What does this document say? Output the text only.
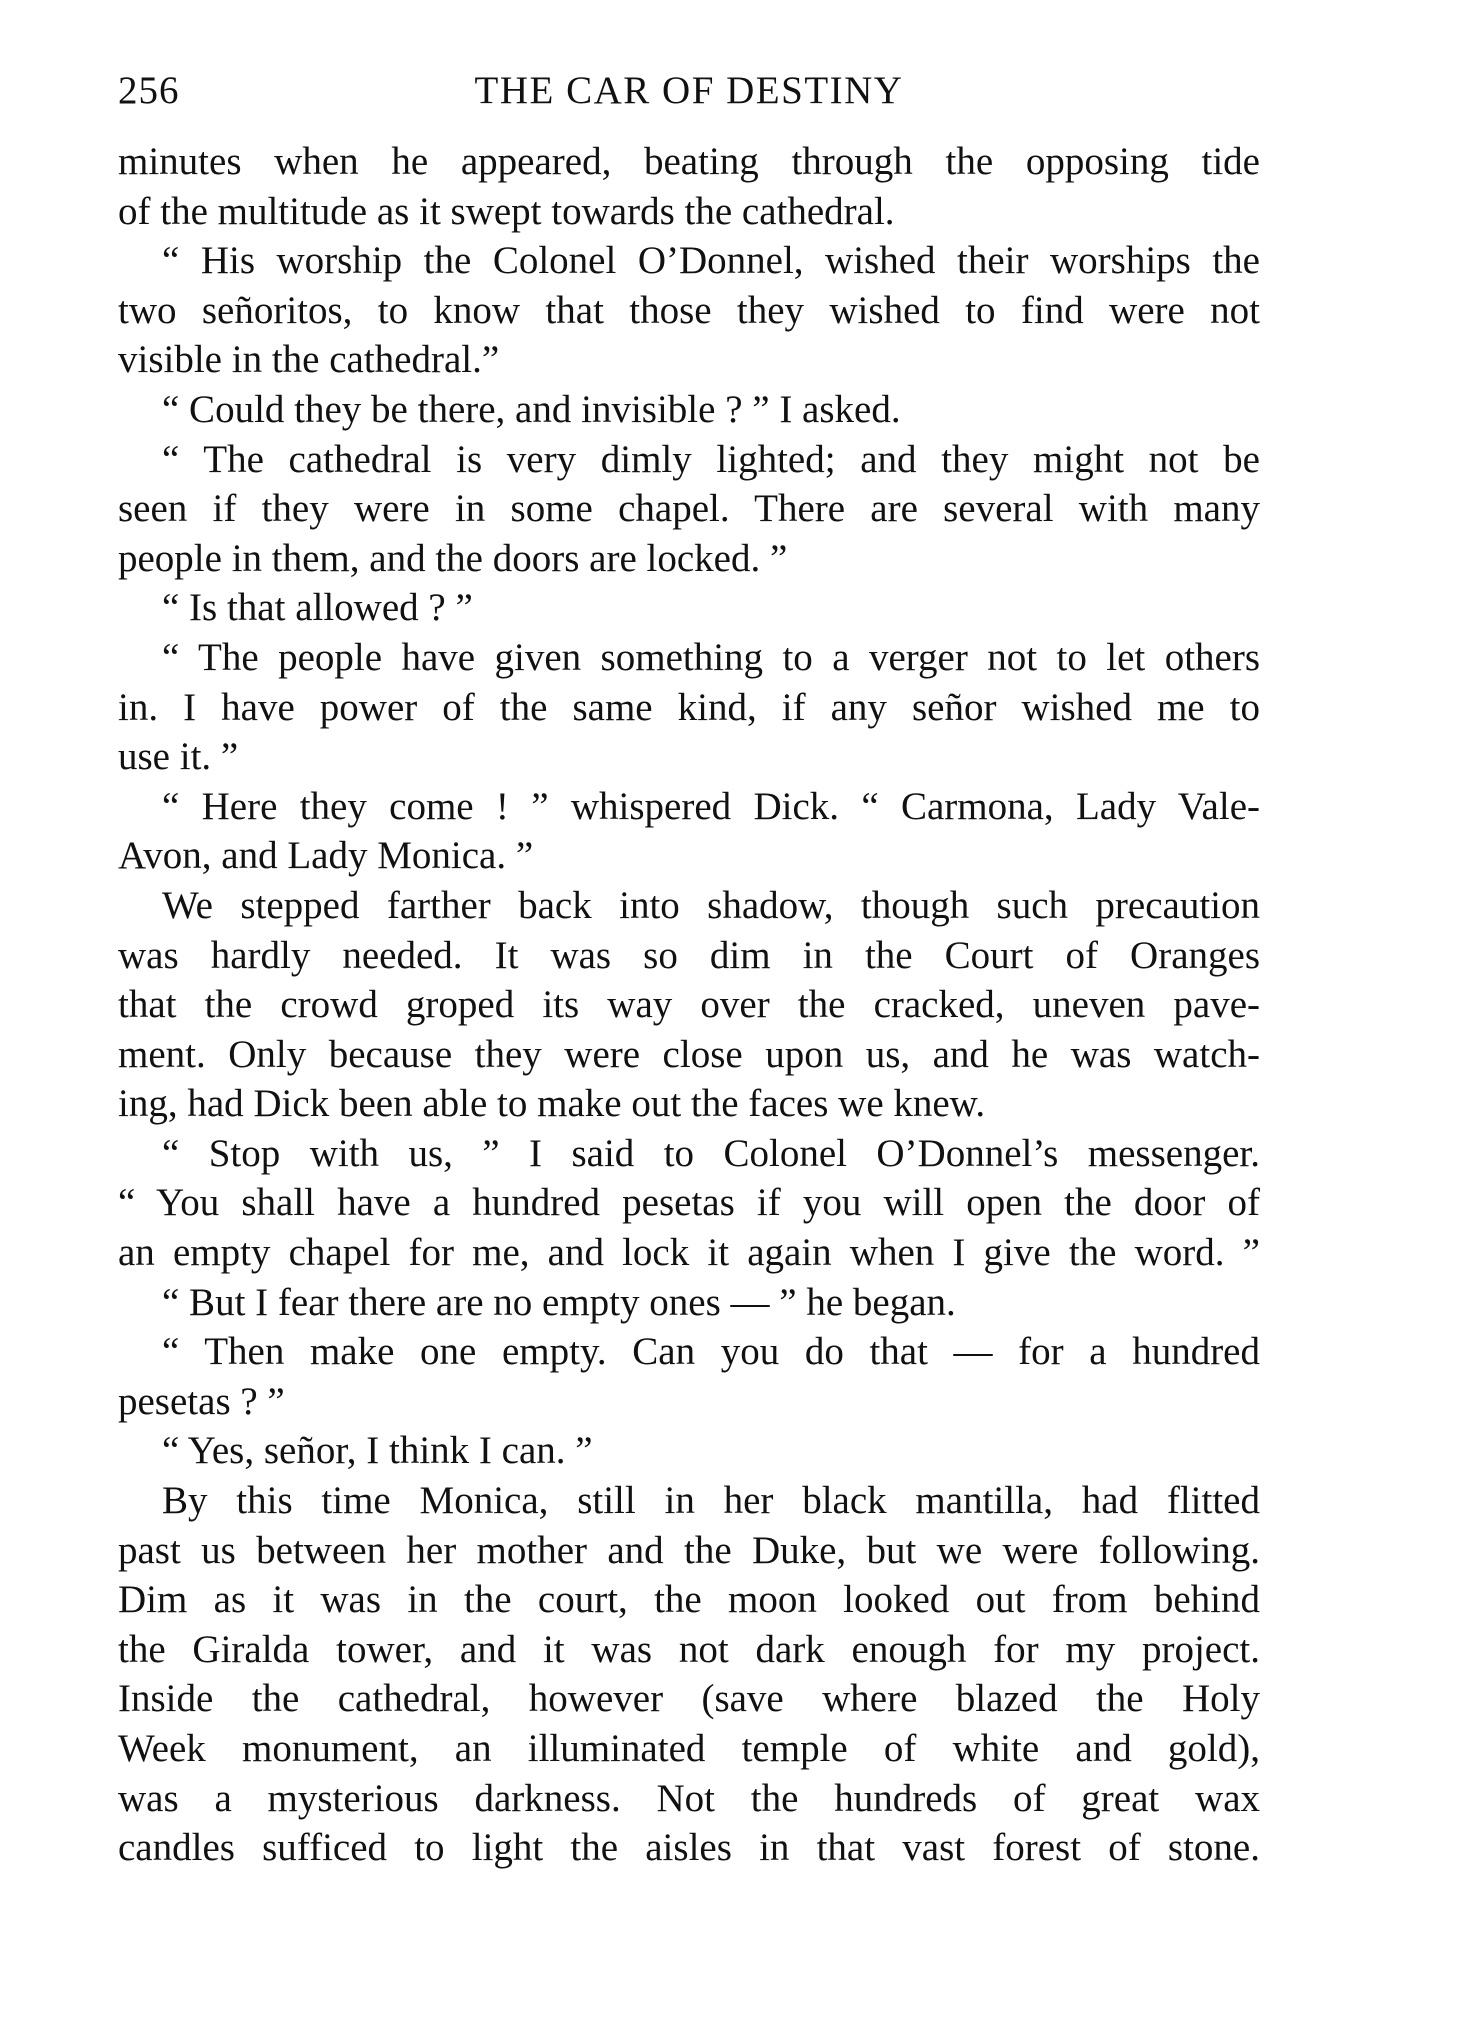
256	THE CAR OF DESTINY
minutes when he appeared, beating through the opposing tide
of the multitude as it swept towards the cathedral.
“ His worship the Colonel O’Donnel, wished their worships the
two señoritos, to know that those they wished to find were not
visible in the cathedral.”
“ Could they be there, and invisible ? ” I asked.
“ The cathedral is very dimly lighted; and they might not be
seen if they were in some chapel. There are several with many
people in them, and the doors are locked. ”
“ Is that allowed ? ”
“ The people have given something to a verger not to let others
in. I have power of the same kind, if any señor wished me to
use it. ”
“ Here they come ! ” whispered Dick. “ Carmona, Lady Vale-
Avon, and Lady Monica. ”
We stepped farther back into shadow, though such precaution
was hardly needed. It was so dim in the Court of Oranges
that the crowd groped its way over the cracked, uneven pave-
ment. Only because they were close upon us, and he was watch-
ing, had Dick been able to make out the faces we knew.
“ Stop with us, ” I said to Colonel O’Donnel’s messenger.
“ You shall have a hundred pesetas if you will open the door of
an empty chapel for me, and lock it again when I give the word. ”
“ But I fear there are no empty ones — ” he began.
“ Then make one empty. Can you do that — for a hundred
pesetas ? ”
“ Yes, señor, I think I can. ”
By this time Monica, still in her black mantilla, had flitted
past us between her mother and the Duke, but we were following.
Dim as it was in the court, the moon looked out from behind
the Giralda tower, and it was not dark enough for my project.
Inside the cathedral, however (save where blazed the Holy
Week monument, an illuminated temple of white and gold),
was a mysterious darkness. Not the hundreds of great wax
candles sufficed to light the aisles in that vast forest of stone.
